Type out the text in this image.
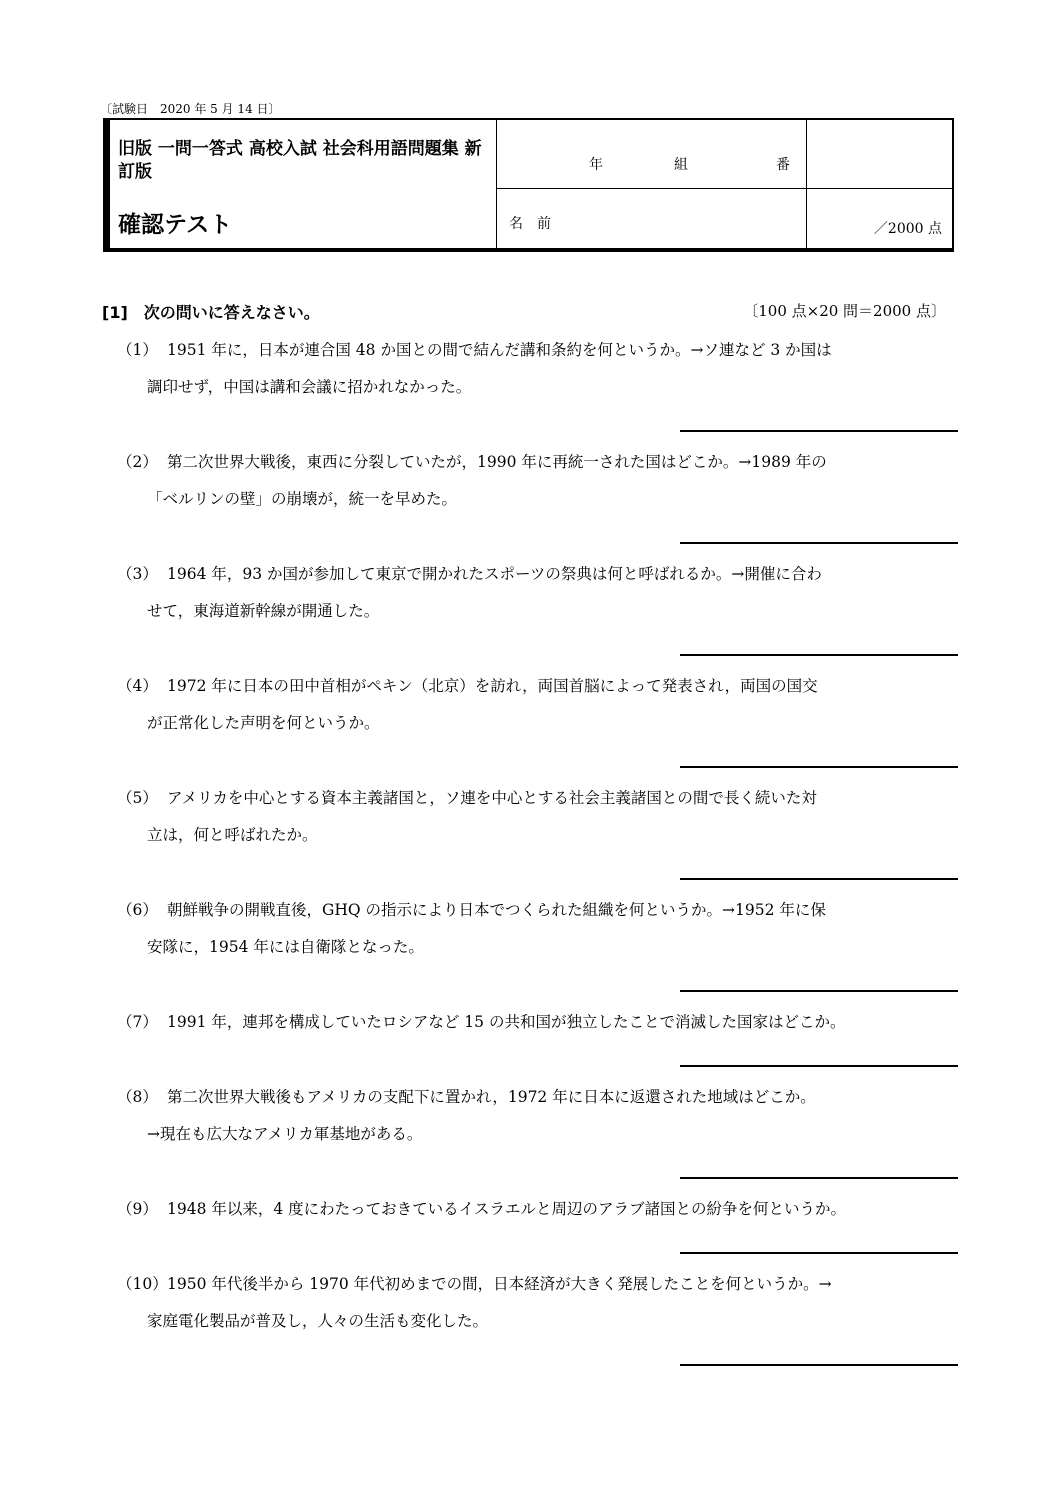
〔試験日　2020 年 5 月 14 日〕
旧版 一問一答式 高校入試 社会科用語問題集 新訂版
確認テスト
年	組	番
名前	／2000 点
[1] 次の問いに答えなさい。	〔100 点×20 問＝2000 点〕
（1） 1951 年に，日本が連合国 48 か国との間で結んだ講和条約を何というか。→ソ連など 3 か国は
調印せず，中国は講和会議に招かれなかった。
（2） 第二次世界大戦後，東西に分裂していたが，1990 年に再統一された国はどこか。→1989 年の
「ベルリンの壁」の崩壊が，統一を早めた。
（3） 1964 年，93 か国が参加して東京で開かれたスポーツの祭典は何と呼ばれるか。→開催に合わ
せて，東海道新幹線が開通した。
（4） 1972 年に日本の田中首相がペキン（北京）を訪れ，両国首脳によって発表され，両国の国交
が正常化した声明を何というか。
（5） アメリカを中心とする資本主義諸国と，ソ連を中心とする社会主義諸国との間で長く続いた対
立は，何と呼ばれたか。
（6） 朝鮮戦争の開戦直後，GHQ の指示により日本でつくられた組織を何というか。→1952 年に保
安隊に，1954 年には自衛隊となった。
（7） 1991 年，連邦を構成していたロシアなど 15 の共和国が独立したことで消滅した国家はどこか。
（8） 第二次世界大戦後もアメリカの支配下に置かれ，1972 年に日本に返還された地域はどこか。
→現在も広大なアメリカ軍基地がある。
（9） 1948 年以来，4 度にわたっておきているイスラエルと周辺のアラブ諸国との紛争を何というか。
（10）1950 年代後半から 1970 年代初めまでの間，日本経済が大きく発展したことを何というか。→
家庭電化製品が普及し，人々の生活も変化した。
